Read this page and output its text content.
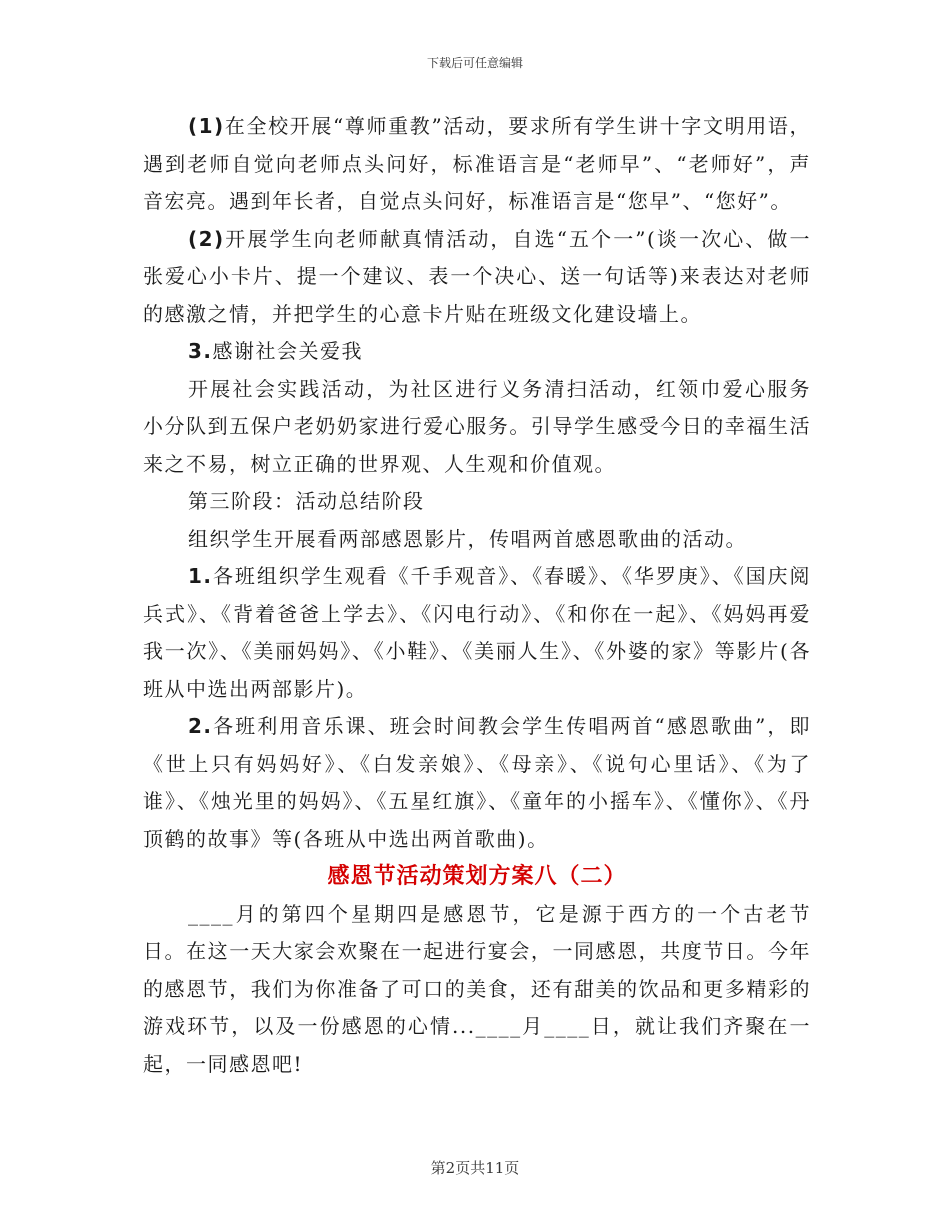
下载后可任意编辑

(1)在全校开展“尊师重教”活动，要求所有学生讲十字文明用语，遇到老师自觉向老师点头问好，标准语言是“老师早”、“老师好”，声音宏亮。遇到年长者，自觉点头问好，标准语言是“您早”、“您好”。

(2)开展学生向老师献真情活动，自选“五个一”(谈一次心、做一张爱心小卡片、提一个建议、表一个决心、送一句话等)来表达对老师的感激之情，并把学生的心意卡片贴在班级文化建设墙上。

3.感谢社会关爱我

开展社会实践活动，为社区进行义务清扫活动，红领巾爱心服务小分队到五保户老奶奶家进行爱心服务。引导学生感受今日的幸福生活来之不易，树立正确的世界观、人生观和价值观。

第三阶段：活动总结阶段

组织学生开展看两部感恩影片，传唱两首感恩歌曲的活动。

1.各班组织学生观看《千手观音》、《春暖》、《华罗庚》、《国庆阅兵式》、《背着爸爸上学去》、《闪电行动》、《和你在一起》、《妈妈再爱我一次》、《美丽妈妈》、《小鞋》、《美丽人生》、《外婆的家》等影片(各班从中选出两部影片)。

2.各班利用音乐课、班会时间教会学生传唱两首“感恩歌曲”，即《世上只有妈妈好》、《白发亲娘》、《母亲》、《说句心里话》、《为了谁》、《烛光里的妈妈》、《五星红旗》、《童年的小摇车》、《懂你》、《丹顶鹤的故事》等(各班从中选出两首歌曲)。

感恩节活动策划方案八（二）

____月的第四个星期四是感恩节，它是源于西方的一个古老节日。在这一天大家会欢聚在一起进行宴会，一同感恩，共度节日。今年的感恩节，我们为你准备了可口的美食，还有甜美的饮品和更多精彩的游戏环节，以及一份感恩的心情...____月____日，就让我们齐聚在一起，一同感恩吧!

第2页共11页
